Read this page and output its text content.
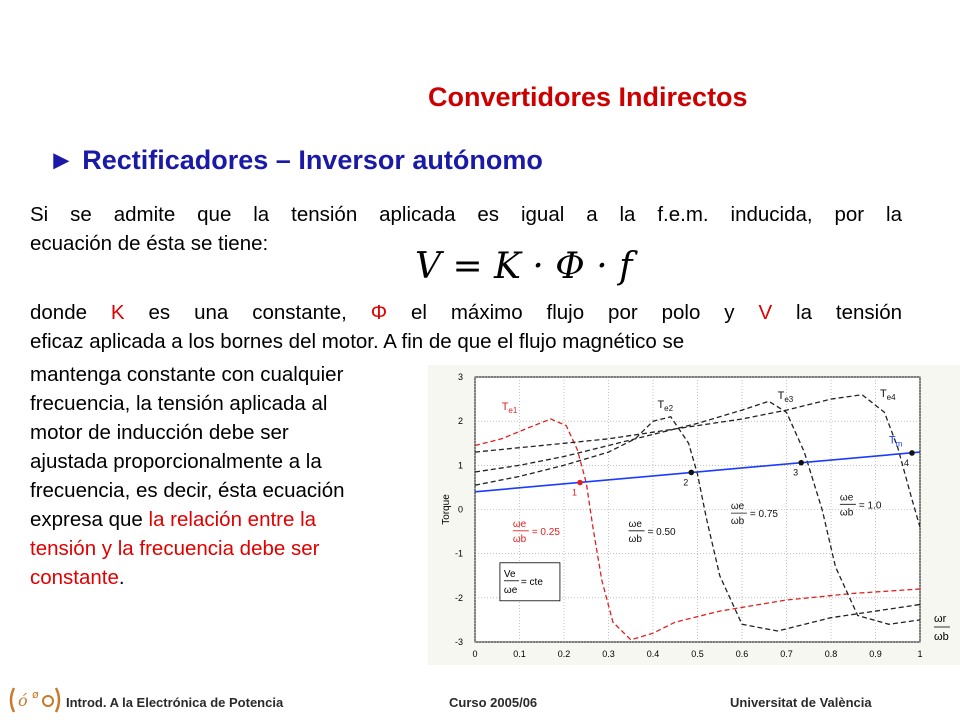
Convertidores Indirectos
► Rectificadores – Inversor autónomo
Si se admite que la tensión aplicada es igual a la f.e.m. inducida, por la
ecuación de ésta se tiene:
V = K · Φ · f
donde K es una constante, Φ el máximo flujo por polo y V la tensión
eficaz aplicada a los bornes del motor. A fin de que el flujo magnético se
mantenga constante con cualquier
frecuencia, la tensión aplicada al
motor de inducción debe ser
ajustada proporcionalmente a la
frecuencia, es decir, ésta ecuación
expresa que la relación entre la
tensión y la frecuencia debe ser
constante.
0	0.1	0.2	0.3	0.4	0.5	0.6	0.7	0.8	0.9	1
3
2
1
0
-1
-2
-3
Torque
$T_{e1}$	$T_{e2}$
$T_{e3}$	$T_{e4}$
$T_m$
1
2
3
4
ωe
ωb
= 0.25
ωe
ωb
= 0.50
ωe
ωb
= 0.75
ωe
ωb
= 1.0
Ve
ωe
= cte
ωr
ωb
ó ø
Introd. A la Electrónica de Potencia	Curso 2005/06	Universitat de València
